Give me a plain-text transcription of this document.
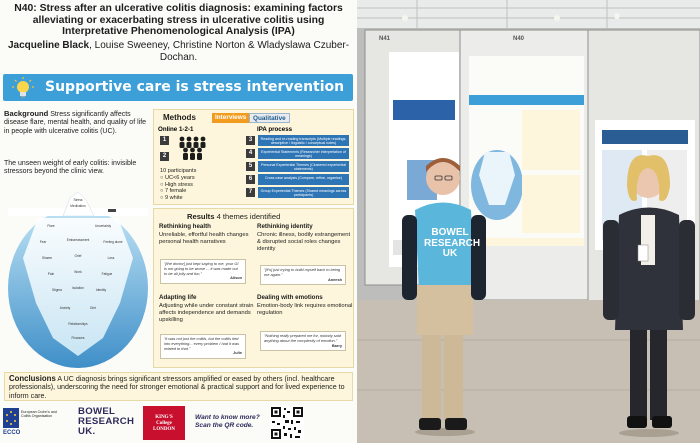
N40: Stress after an ulcerative colitis diagnosis: examining factors alleviating or exacerbating stress in ulcerative colitis using Interpretative Phenomenological Analysis (IPA)
Jacqueline Black, Louise Sweeney, Christine Norton & Wladyslawa Czuber-Dochan.
Supportive care is stress intervention
Background Stress significantly affects disease flare, mental health, and quality of life in people with ulcerative colitis (UC).
The unseen weight of early colitis: invisible stressors beyond the clinic view.
Stress
Medication
Flare	Uncertainty
Fear	Embarrassment	Feeling alone
Shame	Grief	Loss
Pain	Work	Fatigue
Stigma	Isolation	Identity
Anxiety	Diet
Relationships
Finances
Methods	Interviews	Qualitative
Online 1-2-1
1
2
10 participants
○ UC<6 years
○ High stress
○ 7 female
○ 9 white
IPA process
3	Reading and re-reading transcripts (Multiple readings, descriptive / linguistic / conceptual notes)
4	Experiential Statements (Researcher interpretation of meanings)
5	Personal Experiential Themes (Clustered experiential statements)
6	Cross case analysis (Compare, refine, organise)
7	Group Experiential Themes (Shared meanings across participants)
Results 4 themes identified
Rethinking health
Unreliable, effortful health changes personal health narratives
"[the doctor] just kept saying to me, your GI is not going to be worse ... it was made out to be all jolly and fun,"
Alison
Rethinking identity
Chronic illness, bodily estrangement & disrupted social roles changes identity
"[it's] just trying to build myself back to being me again."
Aneesh
Adapting life
Adjusting while under constant strain affects independence and demands upskilling
"it was not just the colitis, but the colitis tied into everything... every problem I had it was related to that."
Julie
Dealing with emotions
Emotion-body link requires emotional regulation
"Nothing really prepared me for, nobody said anything about the complexity of emotion."
Barry
Conclusions A UC diagnosis brings significant stressors amplified or eased by others (incl. healthcare professionals), underscoring the need for stronger emotional & practical support and for lived experience to inform care.
European Crohn's and Colitis Organisation
ECCO
BOWEL
RESEARCH
UK.
KING'S
College
LONDON
Want to know more?
Scan the QR code.
N41	N40
BOWEL
RESEARCH
UK
